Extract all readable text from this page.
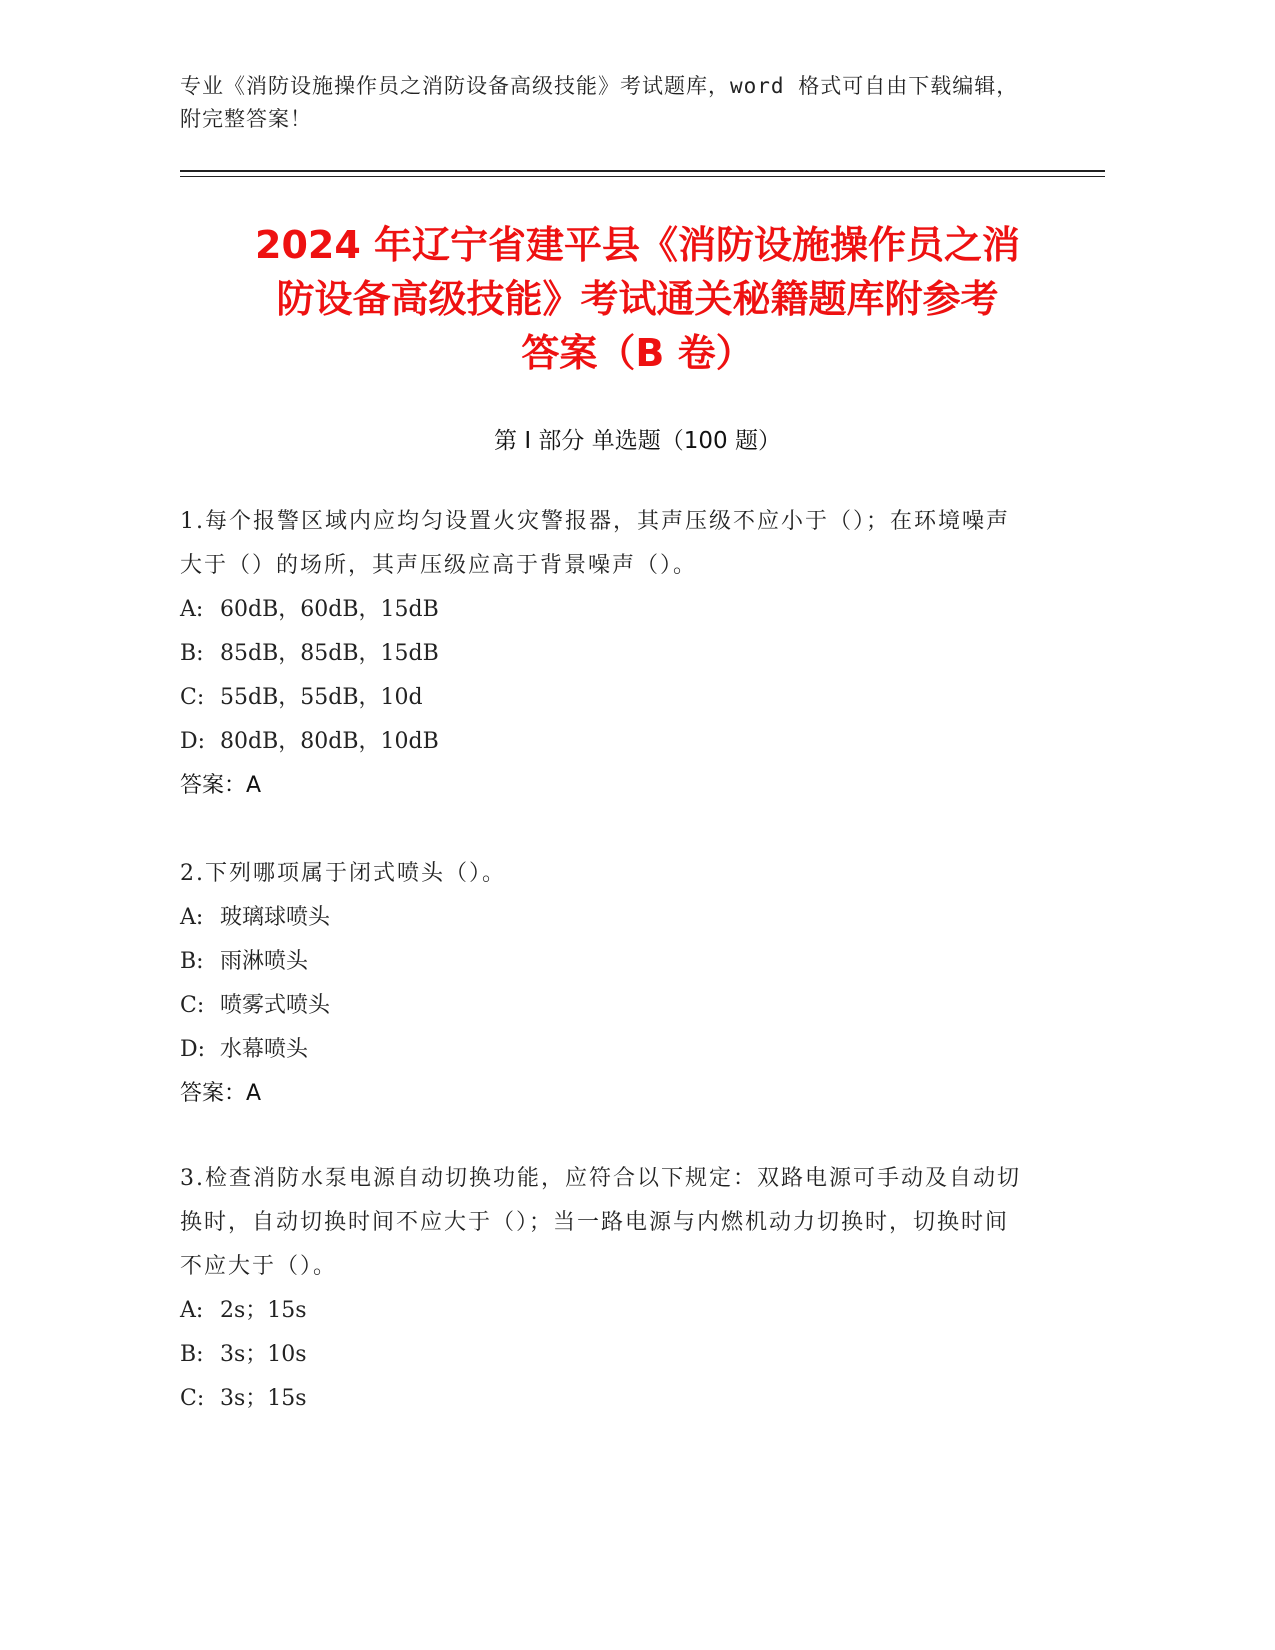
专业《消防设施操作员之消防设备高级技能》考试题库，word 格式可自由下载编辑，附完整答案！
2024 年辽宁省建平县《消防设施操作员之消
防设备高级技能》考试通关秘籍题库附参考
答案（B 卷）
第 I 部分 单选题（100 题）

1.每个报警区域内应均匀设置火灾警报器，其声压级不应小于（）；在环境噪声大于（）的场所，其声压级应高于背景噪声（）。

A: 60dB，60dB，15dB

B: 85dB，85dB，15dB

C: 55dB，55dB，10d

D: 80dB，80dB，10dB

答案：A

2.下列哪项属于闭式喷头（）。

A: 玻璃球喷头

B: 雨淋喷头

C: 喷雾式喷头

D: 水幕喷头

答案：A

3.检查消防水泵电源自动切换功能，应符合以下规定：双路电源可手动及自动切换时，自动切换时间不应大于（）；当一路电源与内燃机动力切换时，切换时间不应大于（）。

A: 2s；15s

B: 3s；10s

C: 3s；15s
